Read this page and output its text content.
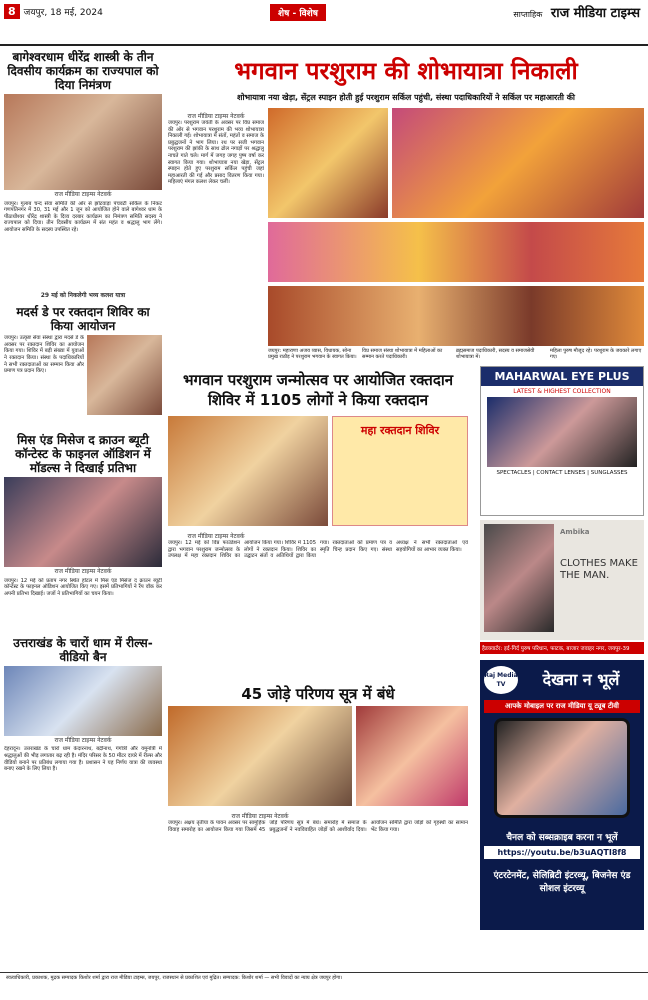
8 जयपुर, 18 मई, 2024	शेष - विशेष	साप्ताहिक राज मीडिया टाइम्स
बागेश्वरधाम धीरेंद्र शास्त्री के तीन दिवसीय कार्यक्रम का राज्यपाल को दिया निमंत्रण
राज मीडिया टाइम्स नेटवर्क
जयपुर। गुलाब चन्द सेवा समिति की ओर से झोटवाड़ा पंचवटी सर्किल के निकट गणपतिनगर में 30, 31 मई और 1 जून को आयोजित होने वाले बागेश्वर धाम के पीठाधीश्वर धीरेंद्र शास्त्री के दिव्य दरबार कार्यक्रम का निमंत्रण समिति सदस्य ने राज्यपाल को दिया। तीन दिवसीय कार्यक्रम में संत महंत व श्रद्धालु भाग लेंगे। आयोजन समिति के सदस्य उपस्थित रहे।
29 मई को निकलेगी भव्य कलश यात्रा
मदर्स डे पर रक्तदान शिविर का किया आयोजन
जयपुर। उत्कृष्ट सेवा संस्था द्वारा मदर्स डे के अवसर पर रक्तदान शिविर का आयोजन किया गया। शिविर में बड़ी संख्या में युवाओं ने रक्तदान किया। संस्था के पदाधिकारियों ने सभी रक्तदाताओं का सम्मान किया और प्रमाण पत्र प्रदान किए।
मिस एंड मिसेज द क्राउन ब्यूटी कॉन्टेस्ट के फाइनल ऑडिशन में मॉडल्स ने दिखाई प्रतिभा
राज मीडिया टाइम्स नेटवर्क
जयपुर। 12 मई को प्रताप नगर स्थित होटल में मिस एंड मिसेज द क्राउन ब्यूटी कॉन्टेस्ट के फाइनल ऑडिशन आयोजित किए गए। इसमें प्रतिभागियों ने रैंप वॉक कर अपनी प्रतिभा दिखाई। जजों ने प्रतिभागियों का चयन किया।
उत्तराखंड के चारों धाम में रील्स-वीडियो बैन
राज मीडिया टाइम्स नेटवर्क
देहरादून। उत्तराखंड के चारों धाम केदारनाथ, बद्रीनाथ, गंगोत्री और यमुनोत्री में श्रद्धालुओं की भीड़ लगातार बढ़ रही है। मंदिर परिसर के 50 मीटर दायरे में रील्स और वीडियो बनाने पर प्रतिबंध लगाया गया है। प्रशासन ने यह निर्णय यात्रा की व्यवस्था बनाए रखने के लिए लिया है।
भगवान परशुराम की शोभायात्रा निकाली
शोभायात्रा नया खेड़ा, सेंट्रल स्पाइन होती हुई परशुराम सर्किल पहुंची, संस्था पदाधिकारियों ने सर्किल पर महाआरती की
राज मीडिया टाइम्स नेटवर्क
जयपुर। परशुराम जयंती के अवसर पर विप्र समाज की ओर से भगवान परशुराम की भव्य शोभायात्रा निकाली गई। शोभायात्रा में संतों, महंतों व समाज के प्रबुद्धजनों ने भाग लिया। रथ पर सजी भगवान परशुराम की झांकी के साथ ढोल नगाड़ों पर श्रद्धालु नाचते गाते चले। मार्ग में जगह जगह पुष्प वर्षा कर स्वागत किया गया। शोभायात्रा नया खेड़ा, सेंट्रल स्पाइन होते हुए परशुराम सर्किल पहुंची जहां महाआरती की गई और प्रसाद वितरण किया गया। महिलाएं मंगल कलश लेकर चलीं।
जयपुर: महाराणा अजय व्यास, विधायक, सोना प्रमुख राठौड़ ने परशुराम भगवान के स्वागत किया।
विप्र समाज संस्था शोभायात्रा में महिलाओं का सम्मान करते पदाधिकारी।
ब्रह्मसमाज पदाधिकारी, सदस्य व समाजसेवी शोभायात्रा में।
महिला पुरुष मौजूद रहे। परशुराम के जयकारे लगाए गए।
भगवान परशुराम जन्मोत्सव पर आयोजित रक्तदान शिविर में 1105 लोगों ने किया रक्तदान
महा रक्तदान शिविर
राज मीडिया टाइम्स नेटवर्क
जयपुर। 12 मई को विप्र फाउंडेशन द्वारा भगवान परशुराम जन्मोत्सव के उपलक्ष में महा रक्तदान शिविर का आयोजन किया गया। शिविर में 1105 लोगों ने रक्तदान किया। शिविर का उद्घाटन संतों व अतिथियों द्वारा किया गया। रक्तदाताओं को प्रमाण पत्र व स्मृति चिन्ह प्रदान किए गए। संस्था अध्यक्ष ने सभी रक्तदाताओं एवं सहयोगियों का आभार व्यक्त किया।
MAHARWAL EYE PLUS
LATEST & HIGHEST COLLECTION
SPECTACLES | CONTACT LENSES | SUNGLASSES
Ambika
CLOTHES MAKE THE MAN.
हैडक्वार्टर: इर्द-गिर्द पुरुष परिधान, फाटक, बाजार जवाहर नगर, जयपुर-39
Raj Media TV	देखना न भूलें
आपके मोबाइल पर राज मीडिया यू ट्यूब टीवी
चैनल को सब्सक्राइब करना न भूलें
https://youtu.be/b3uAQTI8f8
एंटरटेनमेंट, सेलिब्रिटी इंटरव्यू, बिजनेस एंड सोशल इंटरव्यू
45 जोड़े परिणय सूत्र में बंधे
राज मीडिया टाइम्स नेटवर्क
जयपुर। अक्षय तृतीया के पावन अवसर पर सामूहिक विवाह समारोह का आयोजन किया गया जिसमें 45 जोड़े परिणय सूत्र में बंधे। समारोह में समाज के प्रबुद्धजनों ने नवविवाहित जोड़ों को आशीर्वाद दिया। आयोजन समिति द्वारा जोड़ों को गृहस्थी का सामान भेंट किया गया।
स्वत्वाधिकारी, प्रकाशक, मुद्रक सम्पादक किशोर शर्मा द्वारा राज मीडिया टाइम्स, जयपुर, राजस्थान से प्रकाशित एवं मुद्रित। सम्पादक: किशोर शर्मा — सभी विवादों का न्याय क्षेत्र जयपुर होगा।
